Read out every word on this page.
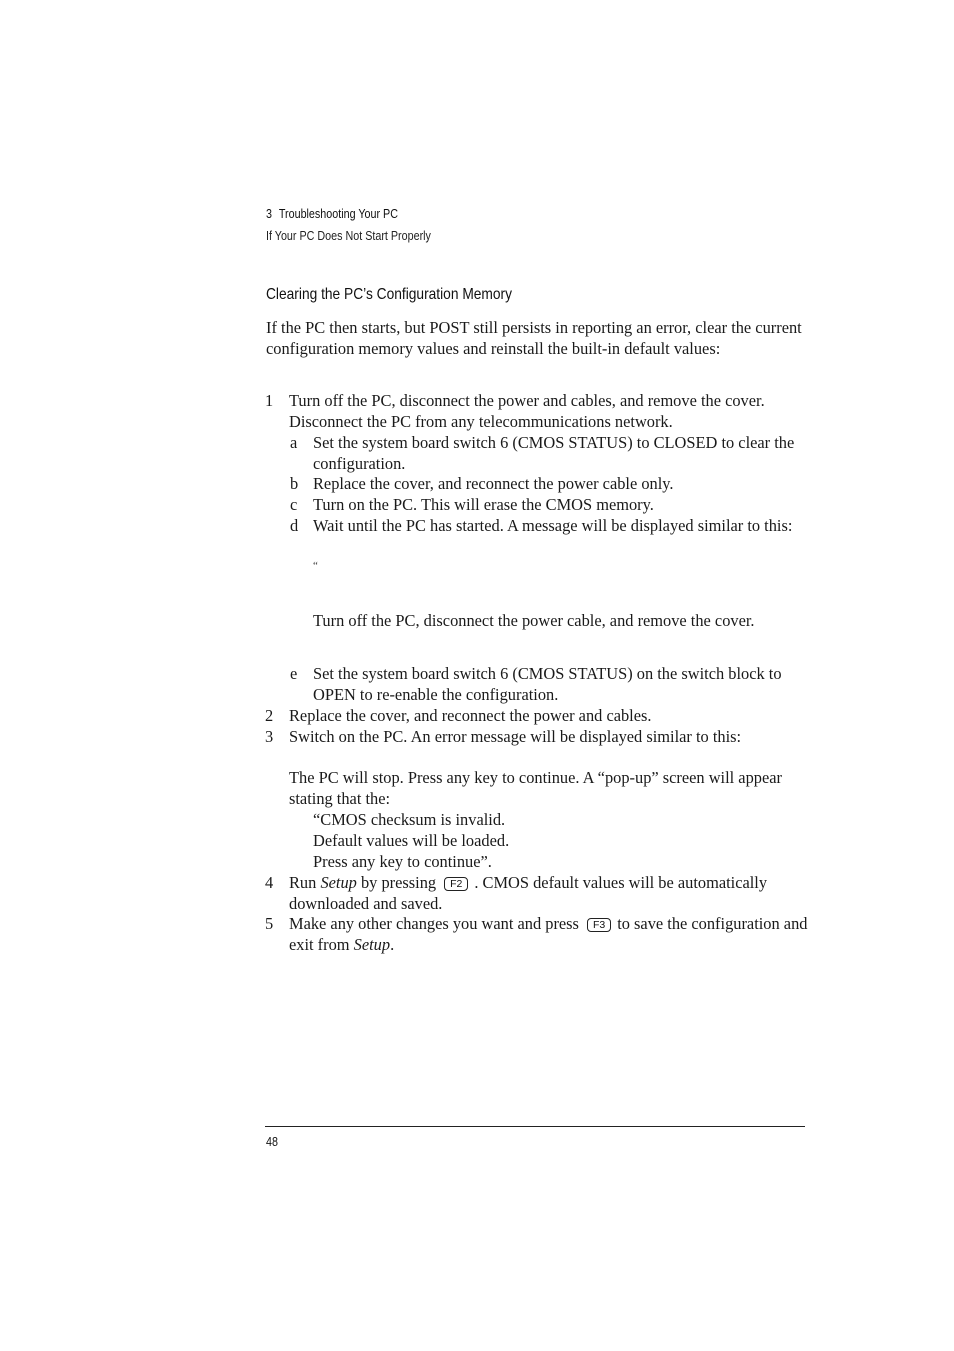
3 Troubleshooting Your PC
If Your PC Does Not Start Properly
Clearing the PC’s Configuration Memory
If the PC then starts, but POST still persists in reporting an error, clear the current configuration memory values and reinstall the built-in default values:
1 Turn off the PC, disconnect the power and cables, and remove the cover. Disconnect the PC from any telecommunications network.
a Set the system board switch 6 (CMOS STATUS) to CLOSED to clear the configuration.
b Replace the cover, and reconnect the power cable only.
c Turn on the PC. This will erase the CMOS memory.
d Wait until the PC has started. A message will be displayed similar to this:
“
Turn off the PC, disconnect the power cable, and remove the cover.
e Set the system board switch 6 (CMOS STATUS) on the switch block to OPEN to re-enable the configuration.
2 Replace the cover, and reconnect the power and cables.
3 Switch on the PC. An error message will be displayed similar to this:
The PC will stop. Press any key to continue. A “pop-up” screen will appear stating that the:
“CMOS checksum is invalid.
Default values will be loaded.
Press any key to continue”.
4 Run Setup by pressing F2 . CMOS default values will be automatically downloaded and saved.
5 Make any other changes you want and press F3 to save the configuration and exit from Setup.
48
